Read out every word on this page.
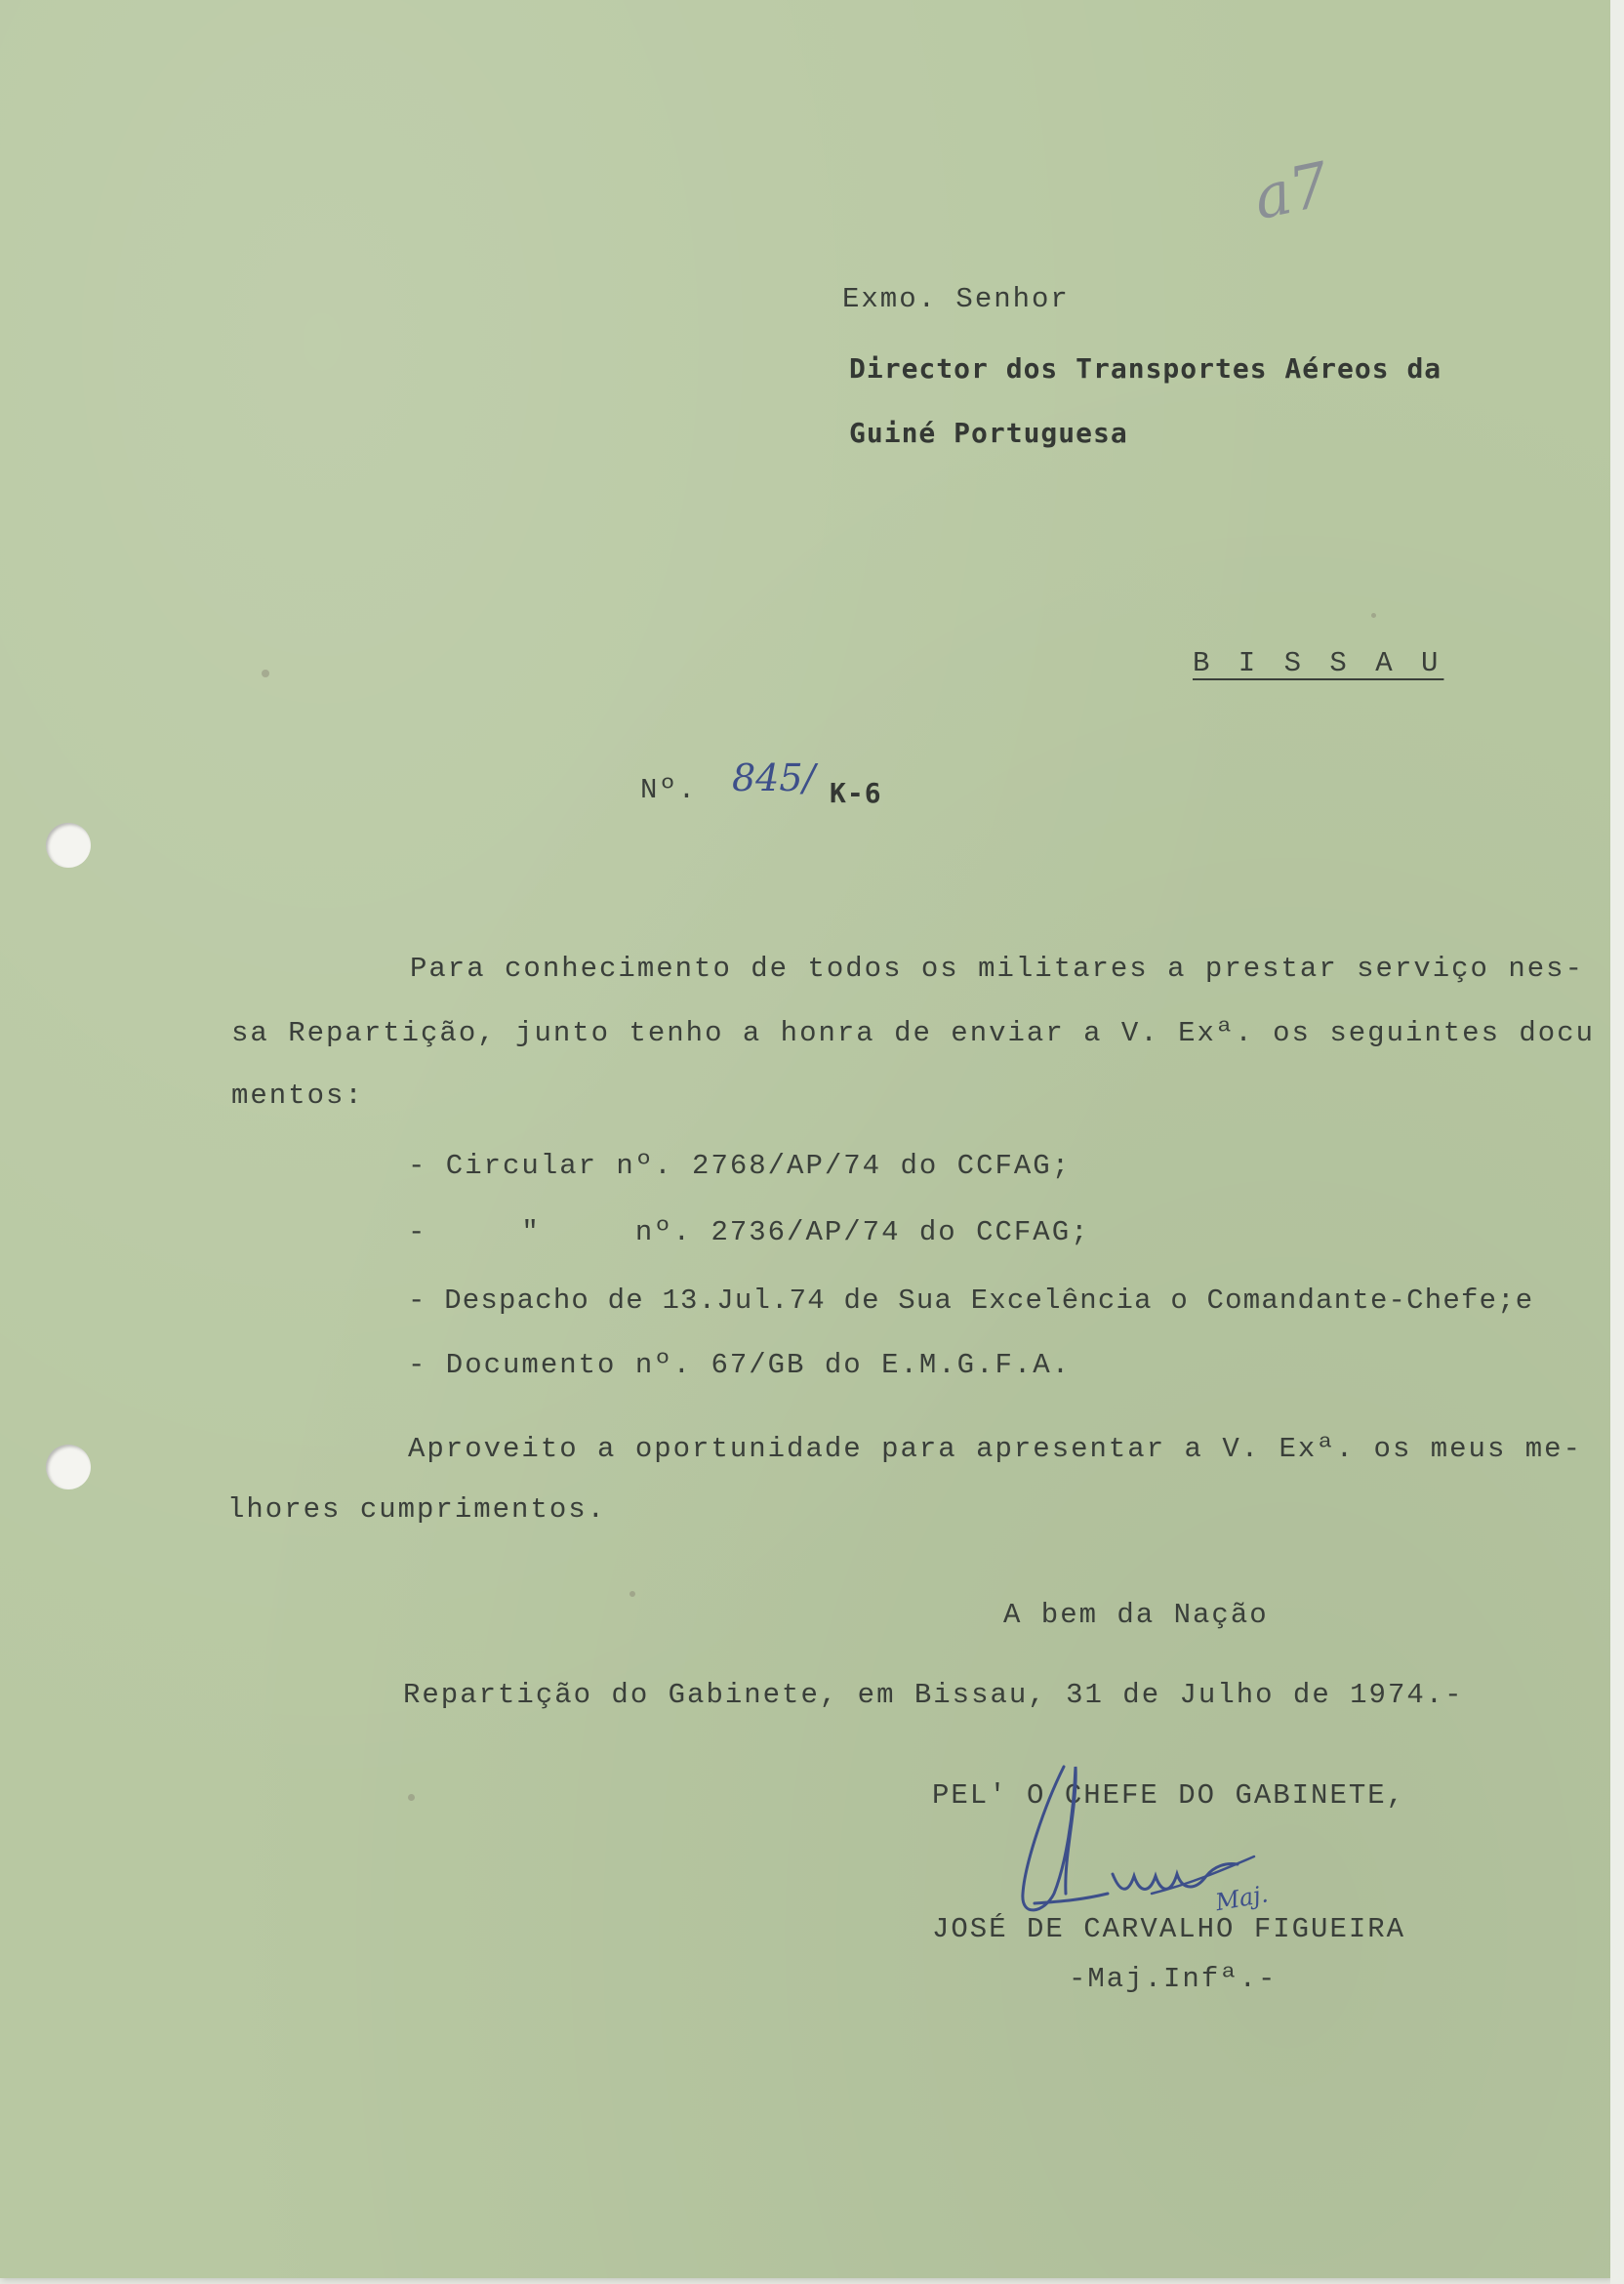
a7
Exmo. Senhor
Director dos Transportes Aéreos da
Guiné Portuguesa
B I S S A U
Nº. 845/ K-6
Para conhecimento de todos os militares a prestar serviço nes-
sa Repartição, junto tenho a honra de enviar a V. Exª. os seguintes docu
mentos:
- Circular nº. 2768/AP/74 do CCFAG;
-     "     nº. 2736/AP/74 do CCFAG;
- Despacho de 13.Jul.74 de Sua Excelência o Comandante-Chefe;e
- Documento nº. 67/GB do E.M.G.F.A.
Aproveito a oportunidade para apresentar a V. Exª. os meus me-
lhores cumprimentos.
A bem da Nação
Repartição do Gabinete, em Bissau, 31 de Julho de 1974.-
PEL' O CHEFE DO GABINETE,
Maj.
JOSÉ DE CARVALHO FIGUEIRA
-Maj.Infª.-
